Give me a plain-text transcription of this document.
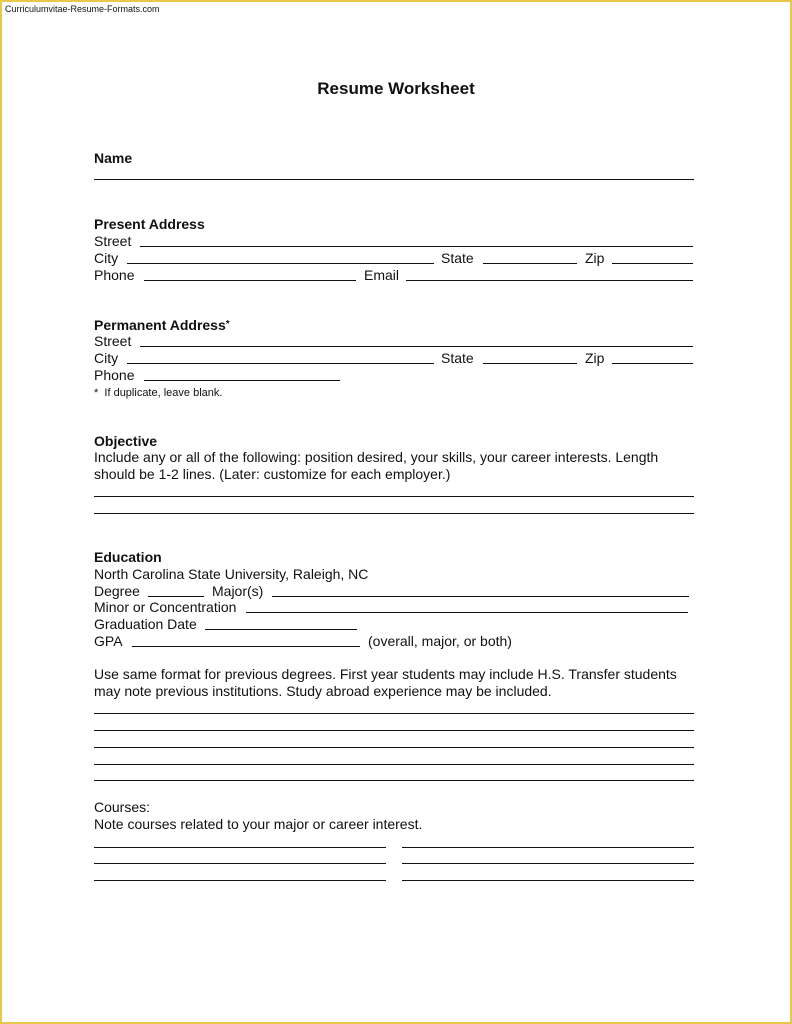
Curriculumvitae-Resume-Formats.com
Resume Worksheet
Name
Present Address
Street
City	State	Zip
Phone	Email
Permanent Address*
Street
City	State	Zip
Phone
* If duplicate, leave blank.
Objective
Include any or all of the following: position desired, your skills, your career interests. Length
should be 1-2 lines. (Later: customize for each employer.)
Education
North Carolina State University, Raleigh, NC
Degree	Major(s)
Minor or Concentration
Graduation Date
GPA	(overall, major, or both)
Use same format for previous degrees. First year students may include H.S. Transfer students
may note previous institutions. Study abroad experience may be included.
Courses:
Note courses related to your major or career interest.
